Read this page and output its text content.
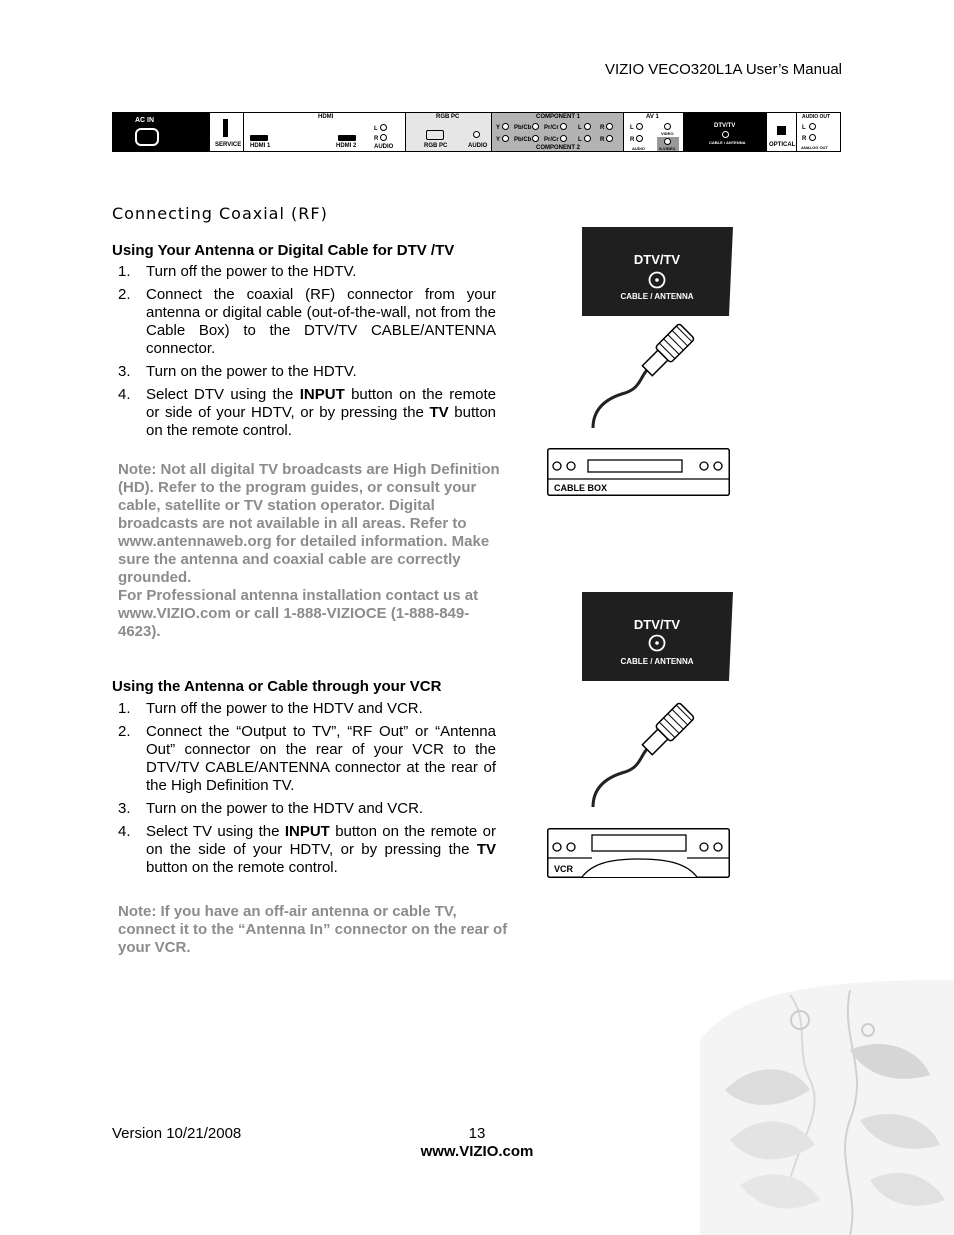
VIZIO VECO320L1A User’s Manual
AC IN
SERVICE
HDMI
HDMI 1	HDMI 2
L
R
AUDIO
RGB PC
RGB PC	AUDIO
COMPONENT 1
Y Pb/Cb Pr/Cr	L	R
Y Pb/Cb Pr/Cr	L	R
COMPONENT 2
AV 1
L
R
AUDIO
VIDEO
S-VIDEO
DTV/TV
CABLE / ANTENNA	OPTICAL
AUDIO OUT
L
R
ANALOG OUT
Connecting Coaxial (RF)
Using Your Antenna or Digital Cable for DTV /TV
1. Turn off the power to the HDTV.
2. Connect the coaxial (RF) connector from your antenna or digital cable (out-of-the-wall, not from the Cable Box) to the DTV/TV CABLE/ANTENNA connector.
3. Turn on the power to the HDTV.
4. Select DTV using the INPUT button on the remote or side of your HDTV, or by pressing the TV button on the remote control.

Note: Not all digital TV broadcasts are High Definition (HD). Refer to the program guides, or consult your cable, satellite or TV station operator. Digital broadcasts are not available in all areas. Refer to www.antennaweb.org for detailed information. Make sure the antenna and coaxial cable are correctly grounded.

For Professional antenna installation contact us at www.VIZIO.com or call 1-888-VIZIOCE (1-888-849-4623).

Using the Antenna or Cable through your VCR
1. Turn off the power to the HDTV and VCR.
2. Connect the “Output to TV”, “RF Out” or “Antenna Out” connector on the rear of your VCR to the DTV/TV CABLE/ANTENNA connector at the rear of the High Definition TV.
3. Turn on the power to the HDTV and VCR.
4. Select TV using the INPUT button on the remote or on the side of your HDTV, or by pressing the TV button on the remote control.

Note: If you have an off-air antenna or cable TV, connect it to the “Antenna In” connector on the rear of your VCR.

DTV/TV
CABLE / ANTENNA
CABLE BOX
DTV/TV
CABLE / ANTENNA
VCR
Version 10/21/2008	13
www.VIZIO.com
